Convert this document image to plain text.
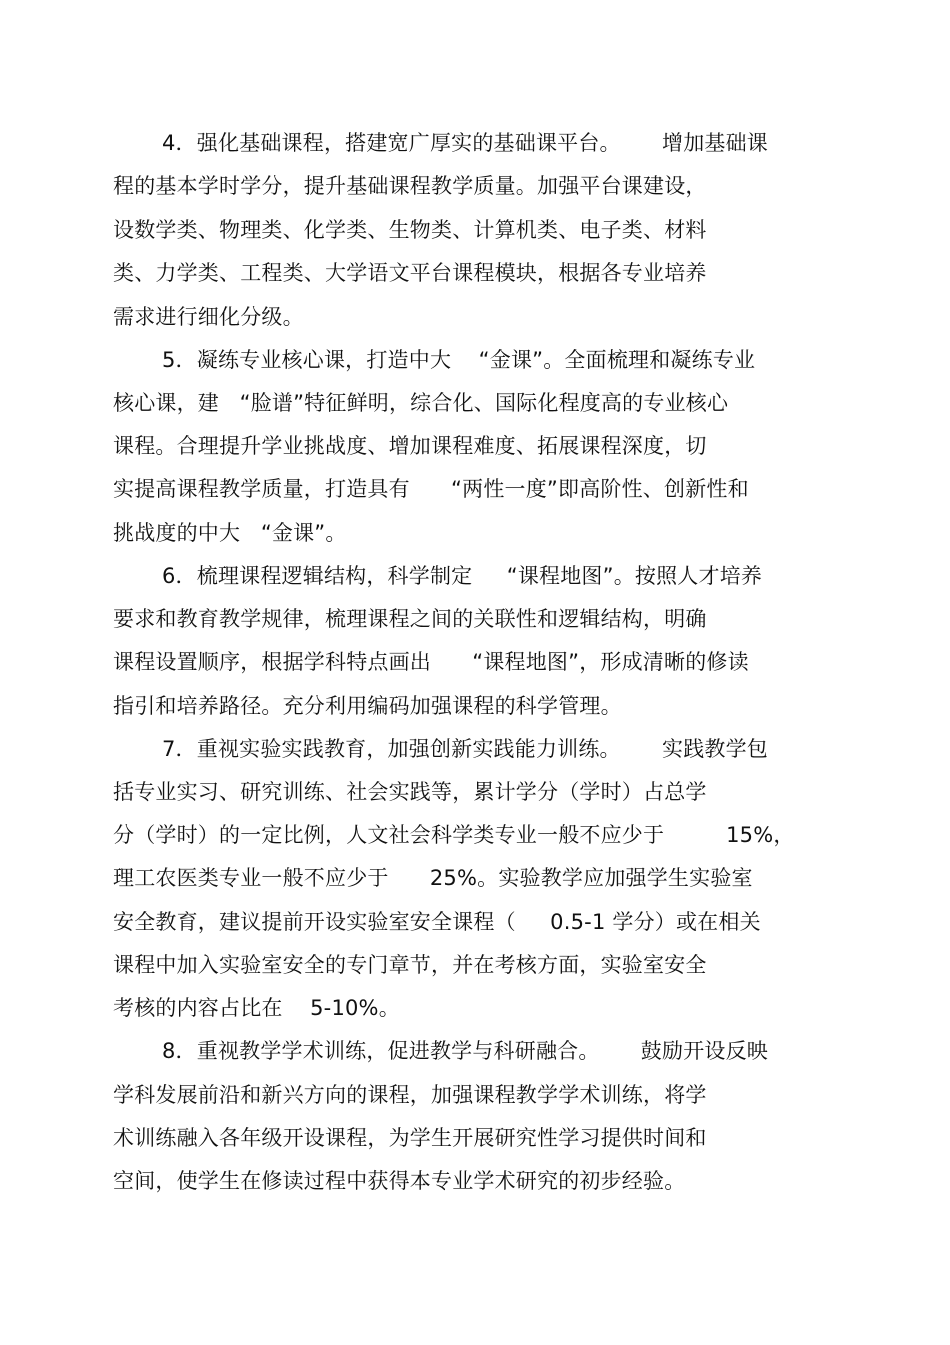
4．强化基础课程，搭建宽广厚实的基础课平台。      增加基础课
程的基本学时学分，提升基础课程教学质量。加强平台课建设，
设数学类、物理类、化学类、生物类、计算机类、电子类、材料
类、力学类、工程类、大学语文平台课程模块，根据各专业培养
需求进行细化分级。
5．凝练专业核心课，打造中大    “金课”。全面梳理和凝练专业
核心课，建   “脸谱”特征鲜明，综合化、国际化程度高的专业核心
课程。合理提升学业挑战度、增加课程难度、拓展课程深度，切
实提高课程教学质量，打造具有      “两性一度”即高阶性、创新性和
挑战度的中大   “金课”。
6．梳理课程逻辑结构，科学制定     “课程地图”。按照人才培养
要求和教育教学规律，梳理课程之间的关联性和逻辑结构，明确
课程设置顺序，根据学科特点画出      “课程地图”，形成清晰的修读
指引和培养路径。充分利用编码加强课程的科学管理。
7．重视实验实践教育，加强创新实践能力训练。      实践教学包
括专业实习、研究训练、社会实践等，累计学分（学时）占总学
分（学时）的一定比例，人文社会科学类专业一般不应少于         15%，
理工农医类专业一般不应少于      25%。实验教学应加强学生实验室
安全教育，建议提前开设实验室安全课程（     0.5-1 学分）或在相关
课程中加入实验室安全的专门章节，并在考核方面，实验室安全
考核的内容占比在    5-10%。
8．重视教学学术训练，促进教学与科研融合。      鼓励开设反映
学科发展前沿和新兴方向的课程，加强课程教学学术训练，将学
术训练融入各年级开设课程，为学生开展研究性学习提供时间和
空间，使学生在修读过程中获得本专业学术研究的初步经验。
